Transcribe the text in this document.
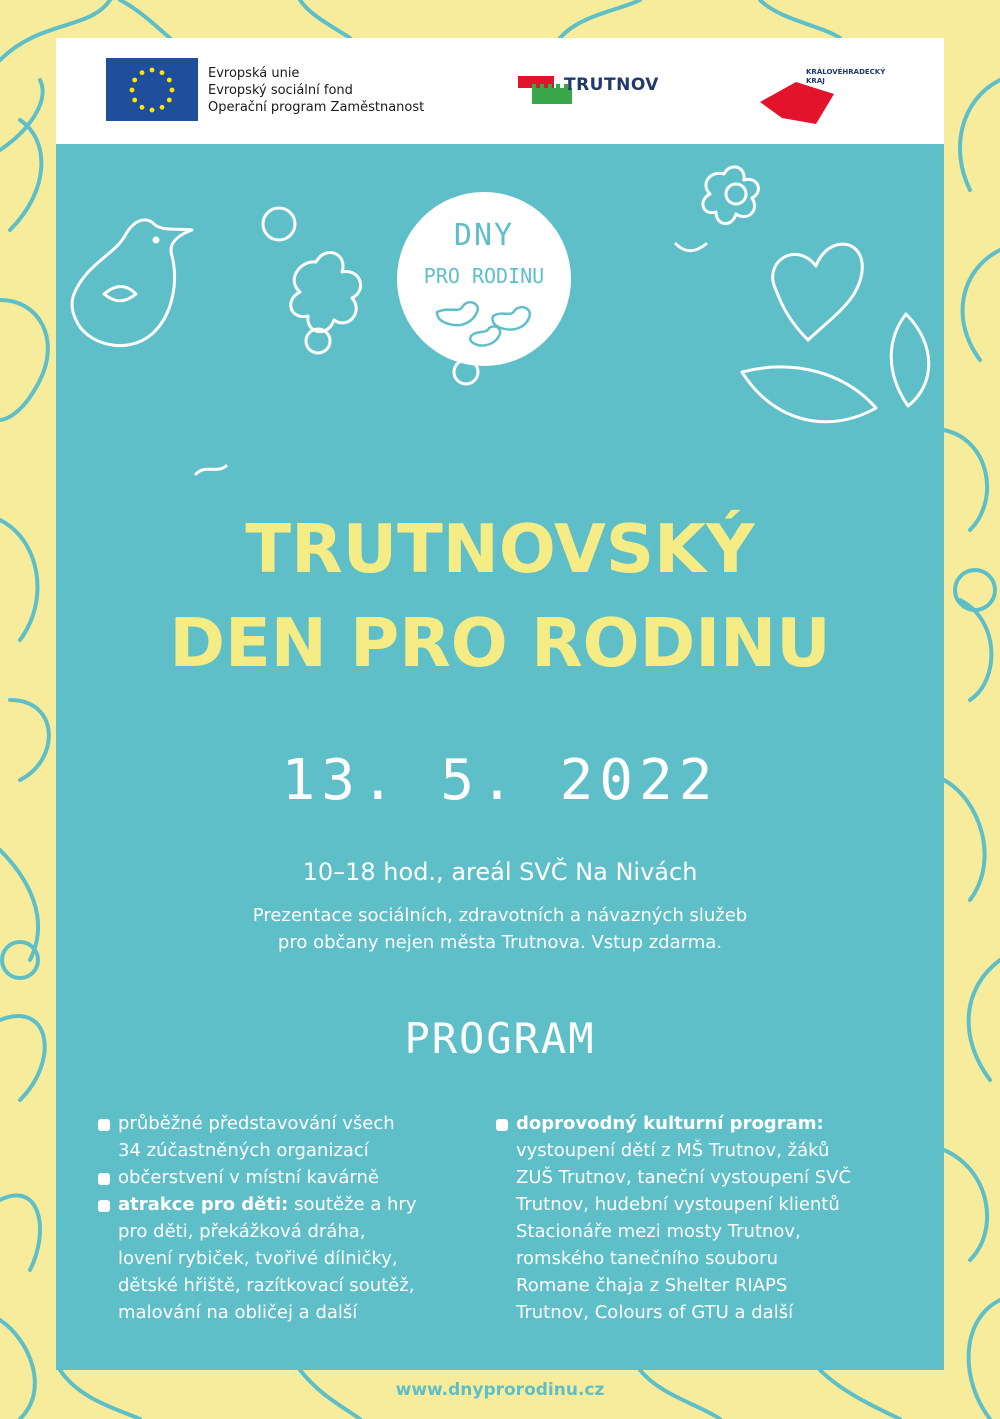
Evropská unie
Evropský sociální fond
Operační program Zaměstnanost
TRUTNOV
KRÁLOVÉHRADECKÝ
KRAJ
DNY
PRO RODINU
TRUTNOVSKÝ
DEN PRO RODINU
13. 5. 2022
10–18 hod., areál SVČ Na Nivách
Prezentace sociálních, zdravotních a návazných služeb
pro občany nejen města Trutnova. Vstup zdarma.
PROGRAM
průběžné představování všech
34 zúčastněných organizací
občerstvení v místní kavárně
atrakce pro děti: soutěže a hry
pro děti, překážková dráha,
lovení rybiček, tvořivé dílničky,
dětské hřiště, razítkovací soutěž,
malování na obličej a další
doprovodný kulturní program:
vystoupení dětí z MŠ Trutnov, žáků
ZUŠ Trutnov, taneční vystoupení SVČ
Trutnov, hudební vystoupení klientů
Stacionáře mezi mosty Trutnov,
romského tanečního souboru
Romane čhaja z Shelter RIAPS
Trutnov, Colours of GTU a další
www.dnyprorodinu.cz
